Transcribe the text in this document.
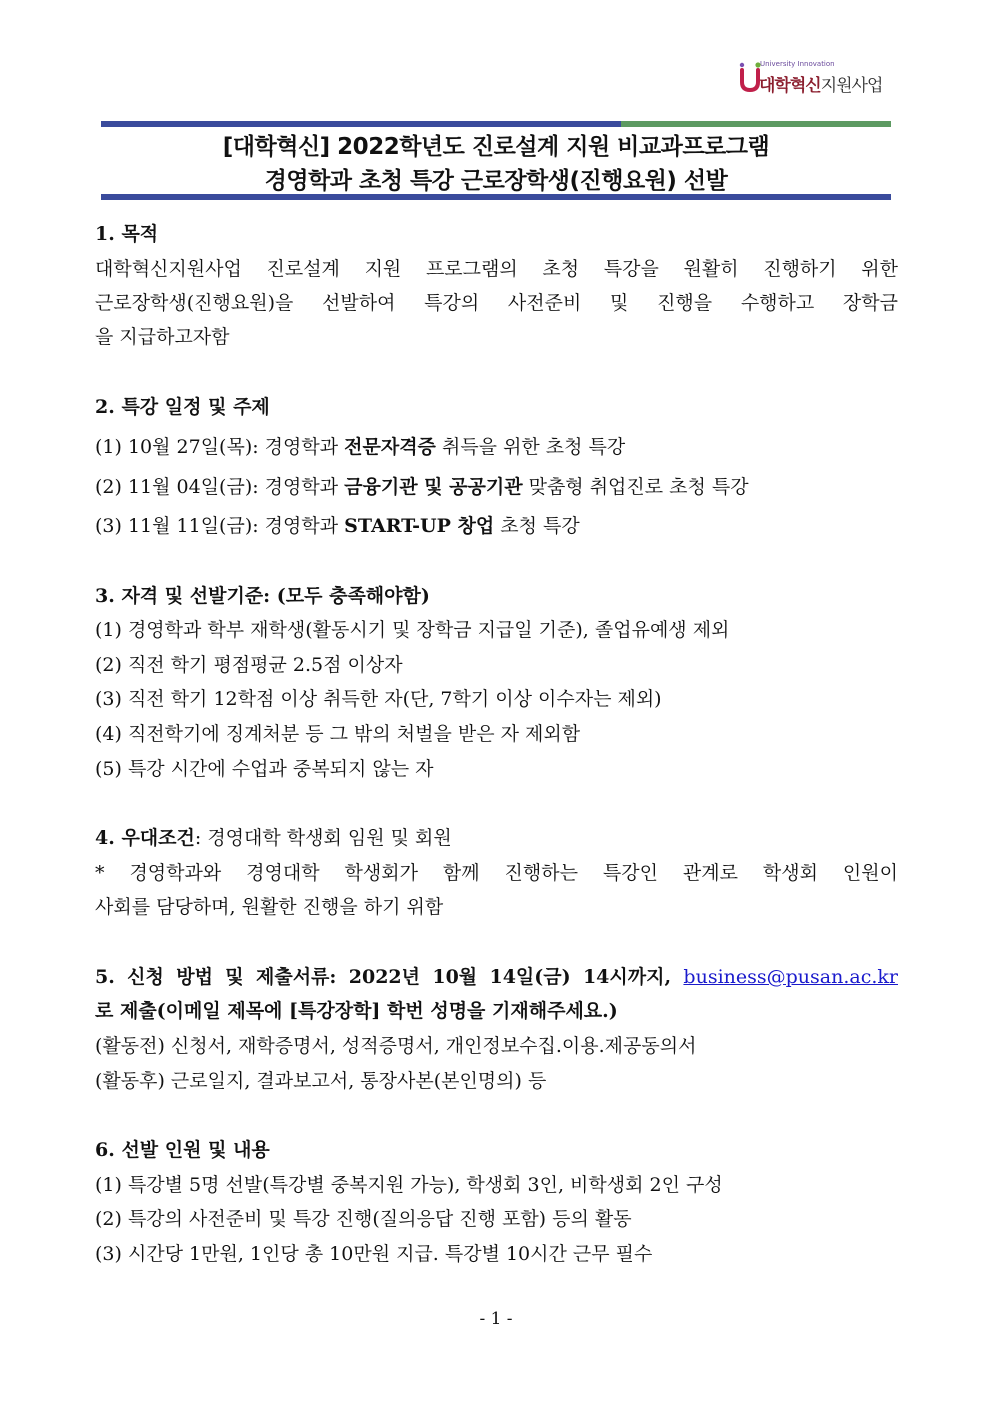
University Innovation
대학혁신지원사업
[대학혁신] 2022학년도 진로설계 지원 비교과프로그램
경영학과 초청 특강 근로장학생(진행요원) 선발
1. 목적
대학혁신지원사업 진로설계 지원 프로그램의 초청 특강을 원활히 진행하기 위한
근로장학생(진행요원)을 선발하여 특강의 사전준비 및 진행을 수행하고 장학금
을 지급하고자함
2. 특강 일정 및 주제
(1) 10월 27일(목): 경영학과 전문자격증 취득을 위한 초청 특강
(2) 11월 04일(금): 경영학과 금융기관 및 공공기관 맞춤형 취업진로 초청 특강
(3) 11월 11일(금): 경영학과 START-UP 창업 초청 특강
3. 자격 및 선발기준: (모두 충족해야함)
(1) 경영학과 학부 재학생(활동시기 및 장학금 지급일 기준), 졸업유예생 제외
(2) 직전 학기 평점평균 2.5점 이상자
(3) 직전 학기 12학점 이상 취득한 자(단, 7학기 이상 이수자는 제외)
(4) 직전학기에 징계처분 등 그 밖의 처벌을 받은 자 제외함
(5) 특강 시간에 수업과 중복되지 않는 자
4. 우대조건: 경영대학 학생회 임원 및 회원
* 경영학과와 경영대학 학생회가 함께 진행하는 특강인 관계로 학생회 인원이
사회를 담당하며, 원활한 진행을 하기 위함
5. 신청 방법 및 제출서류: 2022년 10월 14일(금) 14시까지, business@pusan.ac.kr
로 제출(이메일 제목에 [특강장학] 학번 성명을 기재해주세요.)
(활동전) 신청서, 재학증명서, 성적증명서, 개인정보수집.이용.제공동의서
(활동후) 근로일지, 결과보고서, 통장사본(본인명의) 등
6. 선발 인원 및 내용
(1) 특강별 5명 선발(특강별 중복지원 가능), 학생회 3인, 비학생회 2인 구성
(2) 특강의 사전준비 및 특강 진행(질의응답 진행 포함) 등의 활동
(3) 시간당 1만원, 1인당 총 10만원 지급. 특강별 10시간 근무 필수
- 1 -
